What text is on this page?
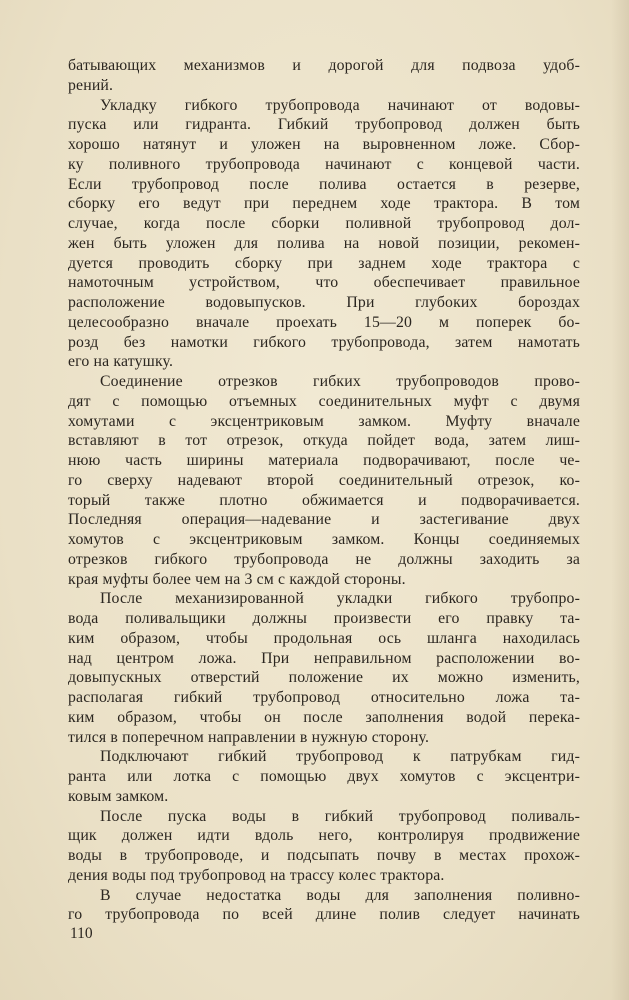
батывающих механизмов и дорогой для подвоза удоб-
рений.
Укладку гибкого трубопровода начинают от водовы-
пуска или гидранта. Гибкий трубопровод должен быть
хорошо натянут и уложен на выровненном ложе. Сбор-
ку поливного трубопровода начинают с концевой части.
Если трубопровод после полива остается в резерве,
сборку его ведут при переднем ходе трактора. В том
случае, когда после сборки поливной трубопровод дол-
жен быть уложен для полива на новой позиции, рекомен-
дуется проводить сборку при заднем ходе трактора с
намоточным устройством, что обеспечивает правильное
расположение водовыпусков. При глубоких бороздах
целесообразно вначале проехать 15—20 м поперек бо-
розд без намотки гибкого трубопровода, затем намотать
его на катушку.
Соединение отрезков гибких трубопроводов прово-
дят с помощью отъемных соединительных муфт с двумя
хомутами с эксцентриковым замком. Муфту вначале
вставляют в тот отрезок, откуда пойдет вода, затем лиш-
нюю часть ширины материала подворачивают, после че-
го сверху надевают второй соединительный отрезок, ко-
торый также плотно обжимается и подворачивается.
Последняя операция—надевание и застегивание двух
хомутов с эксцентриковым замком. Концы соединяемых
отрезков гибкого трубопровода не должны заходить за
края муфты более чем на 3 см с каждой стороны.
После механизированной укладки гибкого трубопро-
вода поливальщики должны произвести его правку та-
ким образом, чтобы продольная ось шланга находилась
над центром ложа. При неправильном расположении во-
довыпускных отверстий положение их можно изменить,
располагая гибкий трубопровод относительно ложа та-
ким образом, чтобы он после заполнения водой перека-
тился в поперечном направлении в нужную сторону.
Подключают гибкий трубопровод к патрубкам гид-
ранта или лотка с помощью двух хомутов с эксцентри-
ковым замком.
После пуска воды в гибкий трубопровод поливаль-
щик должен идти вдоль него, контролируя продвижение
воды в трубопроводе, и подсыпать почву в местах прохож-
дения воды под трубопровод на трассу колес трактора.
В случае недостатка воды для заполнения поливно-
го трубопровода по всей длине полив следует начинать
110
